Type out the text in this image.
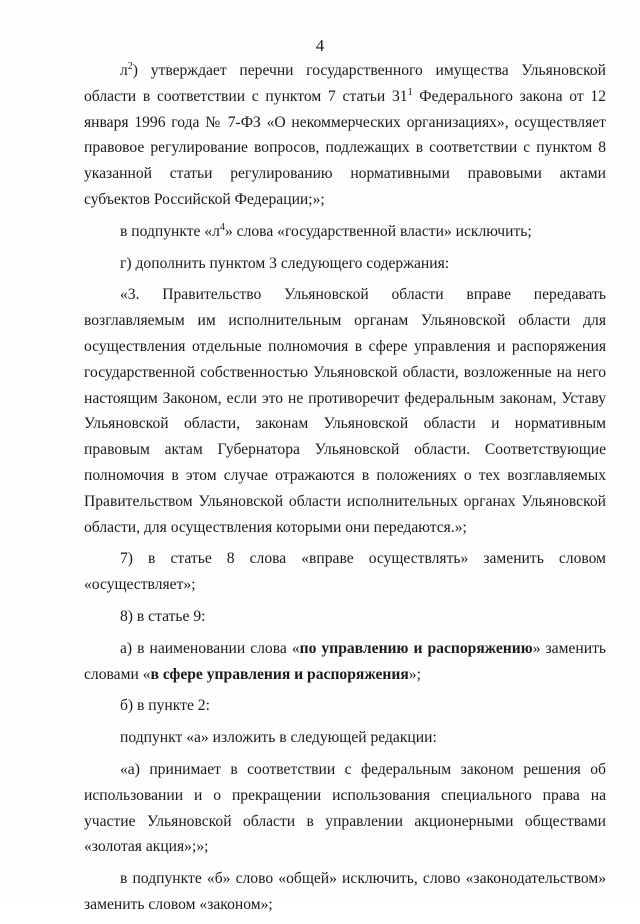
4

$л^2$) утверждает перечни государственного имущества Ульяновской области в соответствии с пунктом 7 статьи $31^1$ Федерального закона от 12 января 1996 года № 7-ФЗ «О некоммерческих организациях», осуществляет правовое регулирование вопросов, подлежащих в соответствии с пунктом 8 указанной статьи регулированию нормативными правовыми актами субъектов Российской Федерации;»;

в подпункте «$л^4$» слова «государственной власти» исключить;

г) дополнить пунктом 3 следующего содержания:

«3. Правительство Ульяновской области вправе передавать возглавляемым им исполнительным органам Ульяновской области для осуществления отдельные полномочия в сфере управления и распоряжения государственной собственностью Ульяновской области, возложенные на него настоящим Законом, если это не противоречит федеральным законам, Уставу Ульяновской области, законам Ульяновской области и нормативным правовым актам Губернатора Ульяновской области. Соответствующие полномочия в этом случае отражаются в положениях о тех возглавляемых Правительством Ульяновской области исполнительных органах Ульяновской области, для осуществления которыми они передаются.»;

7) в статье 8 слова «вправе осуществлять» заменить словом «осуществляет»;

8) в статье 9:

а) в наименовании слова «по управлению и распоряжению» заменить словами «в сфере управления и распоряжения»;

б) в пункте 2:

подпункт «а» изложить в следующей редакции:

«а) принимает в соответствии с федеральным законом решения об использовании и о прекращении использования специального права на участие Ульяновской области в управлении акционерными обществами «золотая акция»;»;

в подпункте «б» слово «общей» исключить, слово «законодательством» заменить словом «законом»;
